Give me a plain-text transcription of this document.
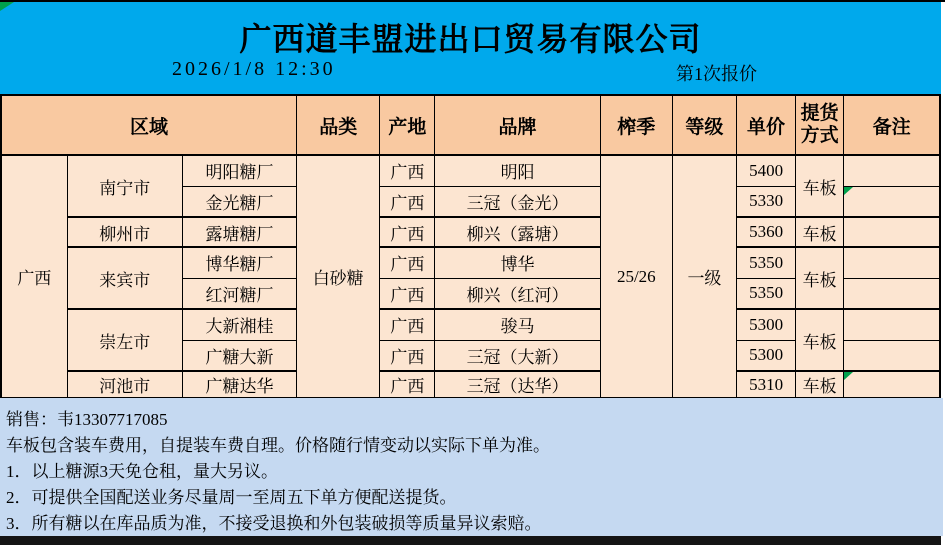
广西道丰盟进出口贸易有限公司
2026/1/8 12:30	第1次报价
区域			品类	产地	品牌	榨季	等级	单价	提货方式	备注
广西	南宁市	明阳糖厂	白砂糖	广西	明阳	25/26	一级	5400	车板	
		金光糖厂		广西	三冠（金光）			5330		

	柳州市	露塘糖厂		广西	柳兴（露塘）			5360	车板	
	来宾市	博华糖厂		广西	博华			5350	车板	
		红河糖厂		广西	柳兴（红河）			5350		
	崇左市	大新湘桂		广西	骏马			5300	车板	
		广糖大新		广西	三冠（大新）			5300		
	河池市	广糖达华		广西	三冠（达华）			5310	车板	
销售：韦13307717085
车板包含装车费用，自提装车费自理。价格随行情变动以实际下单为准。
1．以上糖源3天免仓租，量大另议。
2．可提供全国配送业务尽量周一至周五下单方便配送提货。
3．所有糖以在库品质为准，不接受退换和外包装破损等质量异议索赔。
